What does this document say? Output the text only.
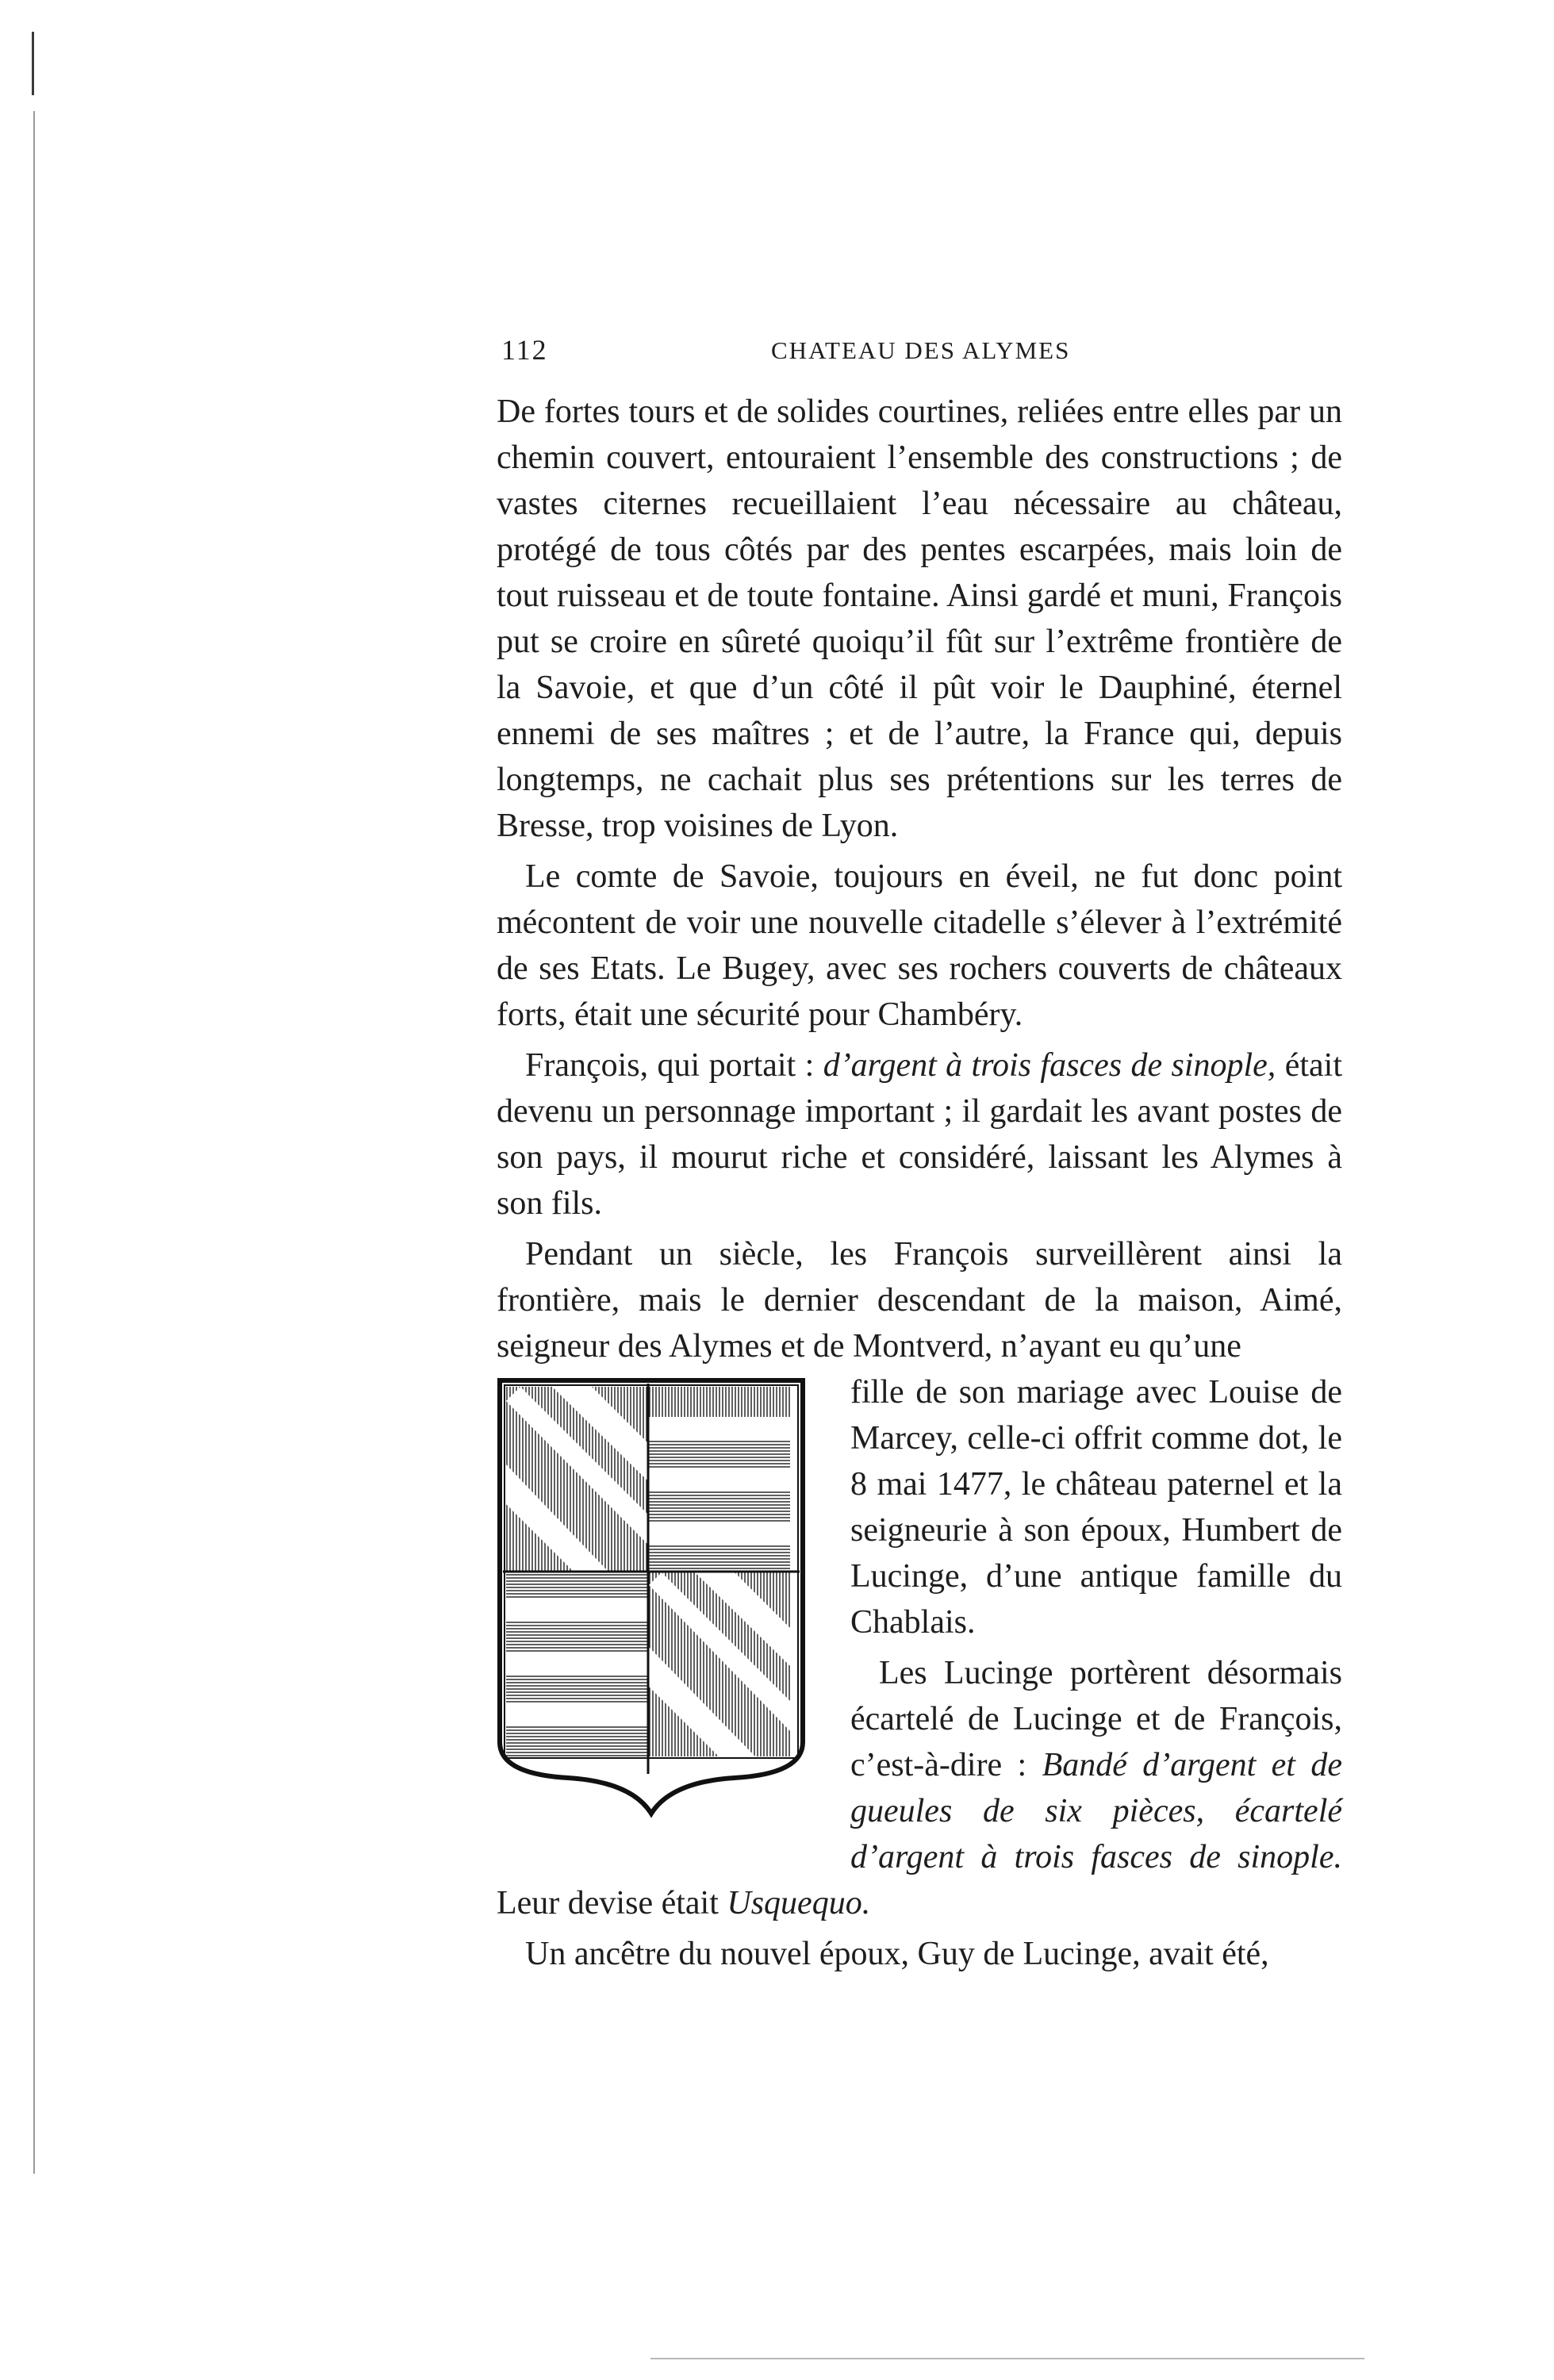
112	CHATEAU DES ALYMES

De fortes tours et de solides courtines, reliées entre elles par un chemin couvert, entouraient l’ensemble des constructions ; de vastes citernes recueillaient l’eau nécessaire au château, protégé de tous côtés par des pentes escarpées, mais loin de tout ruisseau et de toute fontaine. Ainsi gardé et muni, François put se croire en sûreté quoiqu’il fût sur l’extrême frontière de la Savoie, et que d’un côté il pût voir le Dauphiné, éternel ennemi de ses maîtres ; et de l’autre, la France qui, depuis longtemps, ne cachait plus ses prétentions sur les terres de Bresse, trop voisines de Lyon.

Le comte de Savoie, toujours en éveil, ne fut donc point mécontent de voir une nouvelle citadelle s’élever à l’extrémité de ses Etats. Le Bugey, avec ses rochers couverts de châteaux forts, était une sécurité pour Chambéry.

François, qui portait : d’argent à trois fasces de sinople, était devenu un personnage important ; il gardait les avant postes de son pays, il mourut riche et considéré, laissant les Alymes à son fils.

Pendant un siècle, les François surveillèrent ainsi la frontière, mais le dernier descendant de la maison, Aimé, seigneur des Alymes et de Montverd, n’ayant eu qu’une

fille de son mariage avec Louise de Marcey, celle-ci offrit comme dot, le 8 mai 1477, le château paternel et la seigneurie à son époux, Humbert de Lucinge, d’une antique famille du Chablais.

Les Lucinge portèrent désormais écartelé de Lucinge et de François, c’est-à-dire : Bandé d’argent et de gueules de six pièces, écartelé d’argent à trois fasces de sinople. Leur devise était Usquequo.

Un ancêtre du nouvel époux, Guy de Lucinge, avait été,
